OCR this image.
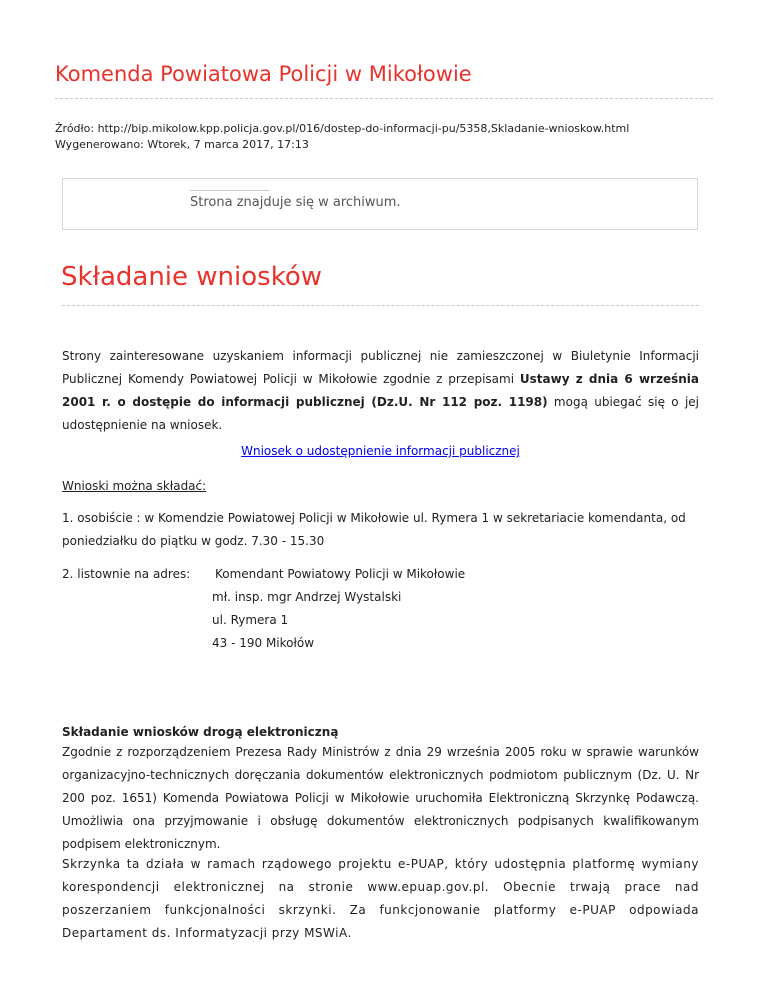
Komenda Powiatowa Policji w Mikołowie
Źródło: http://bip.mikolow.kpp.policja.gov.pl/016/dostep-do-informacji-pu/5358,Skladanie-wnioskow.html
Wygenerowano: Wtorek, 7 marca 2017, 17:13
Strona znajduje się w archiwum.
Składanie wniosków
Strony zainteresowane uzyskaniem informacji publicznej nie zamieszczonej w Biuletynie Informacji Publicznej Komendy Powiatowej Policji w Mikołowie zgodnie z przepisami Ustawy z dnia 6 września 2001 r. o dostępie do informacji publicznej (Dz.U. Nr 112 poz. 1198) mogą ubiegać się o jej udostępnienie na wniosek.
Wniosek o udostępnienie informacji publicznej
Wnioski można składać:
1. osobiście : w Komendzie Powiatowej Policji w Mikołowie ul. Rymera 1 w sekretariacie komendanta, od poniedziałku do piątku w godz. 7.30 - 15.30
2. listownie na adres: Komendant Powiatowy Policji w Mikołowie
mł. insp. mgr Andrzej Wystalski
ul. Rymera 1
43 - 190 Mikołów
Składanie wniosków drogą elektroniczną
Zgodnie z rozporządzeniem Prezesa Rady Ministrów z dnia 29 września 2005 roku w sprawie warunków organizacyjno-technicznych doręczania dokumentów elektronicznych podmiotom publicznym (Dz. U. Nr 200 poz. 1651) Komenda Powiatowa Policji w Mikołowie uruchomiła Elektroniczną Skrzynkę Podawczą. Umożliwia ona przyjmowanie i obsługę dokumentów elektronicznych podpisanych kwalifikowanym podpisem elektronicznym.
Skrzynka ta działa w ramach rządowego projektu e-PUAP, który udostępnia platformę wymiany korespondencji elektronicznej na stronie www.epuap.gov.pl. Obecnie trwają prace nad poszerzaniem funkcjonalności skrzynki. Za funkcjonowanie platformy e-PUAP odpowiada Departament ds. Informatyzacji przy MSWiA.
